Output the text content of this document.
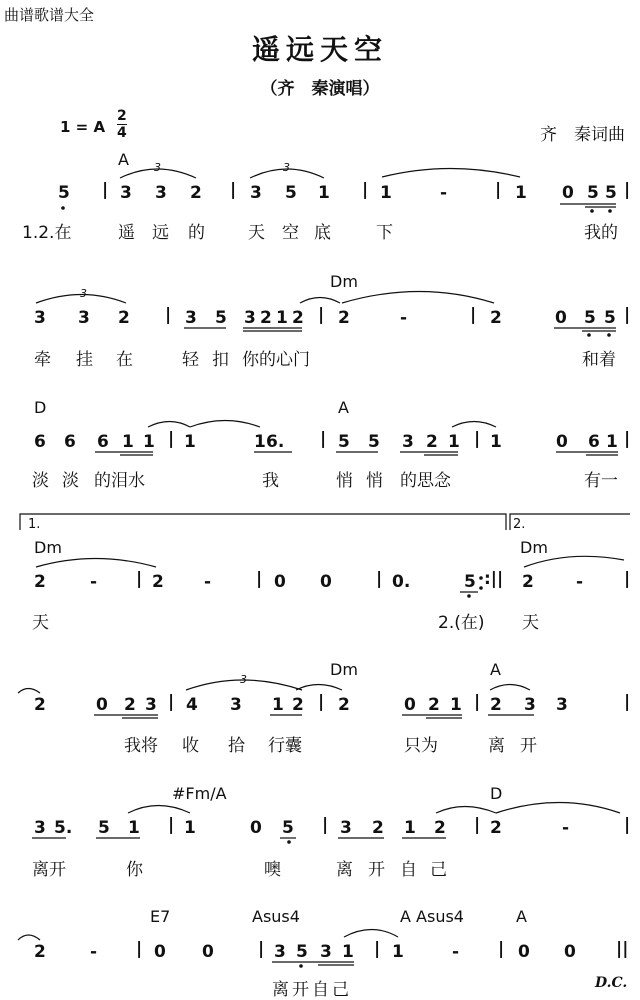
曲谱歌谱大全
遥远天空
（齐　秦演唱）
1 = A
2
4	齐　秦词曲
A
5 | 3 3 2 | 3 5 1 | 1	-	| 1 0 5 5 |
1.2.在	遥 远 的	天 空 底	下	我的
3	3
Dm
3 3 2 | 3 5 3 2 1 2 | 2	-	| 2	0 5 5 |
牵 挂 在	轻 扣 你的心门	和着
3
D	A
6 6 6 1 1 | 1	1 6. | 5 5 3 2 1 | 1	0 6 1 |
淡 淡 的泪水	我	悄 悄 的思念	有一
1.	2.
Dm	Dm
2	- | 2 -	| 0 0	| 0.	5 :|| 2 - |
天	2.(在) 天
Dm	A
2	0 2 3 | 4 3 1 2 | 2	0 2 1 | 2 3 3	|
我将 收 拾 行囊	只为	离 开
3
#Fm/A	D
3 5. 5 1 | 1	0 5 | 3 2 1 2 | 2	-	|
离开	你	噢	离 开 自 己
E7	Asus4	A Asus4	A
2	- | 0 0	| 3 5 3 1 | 1	- | 0 0 ||
离开自己	D.C.
